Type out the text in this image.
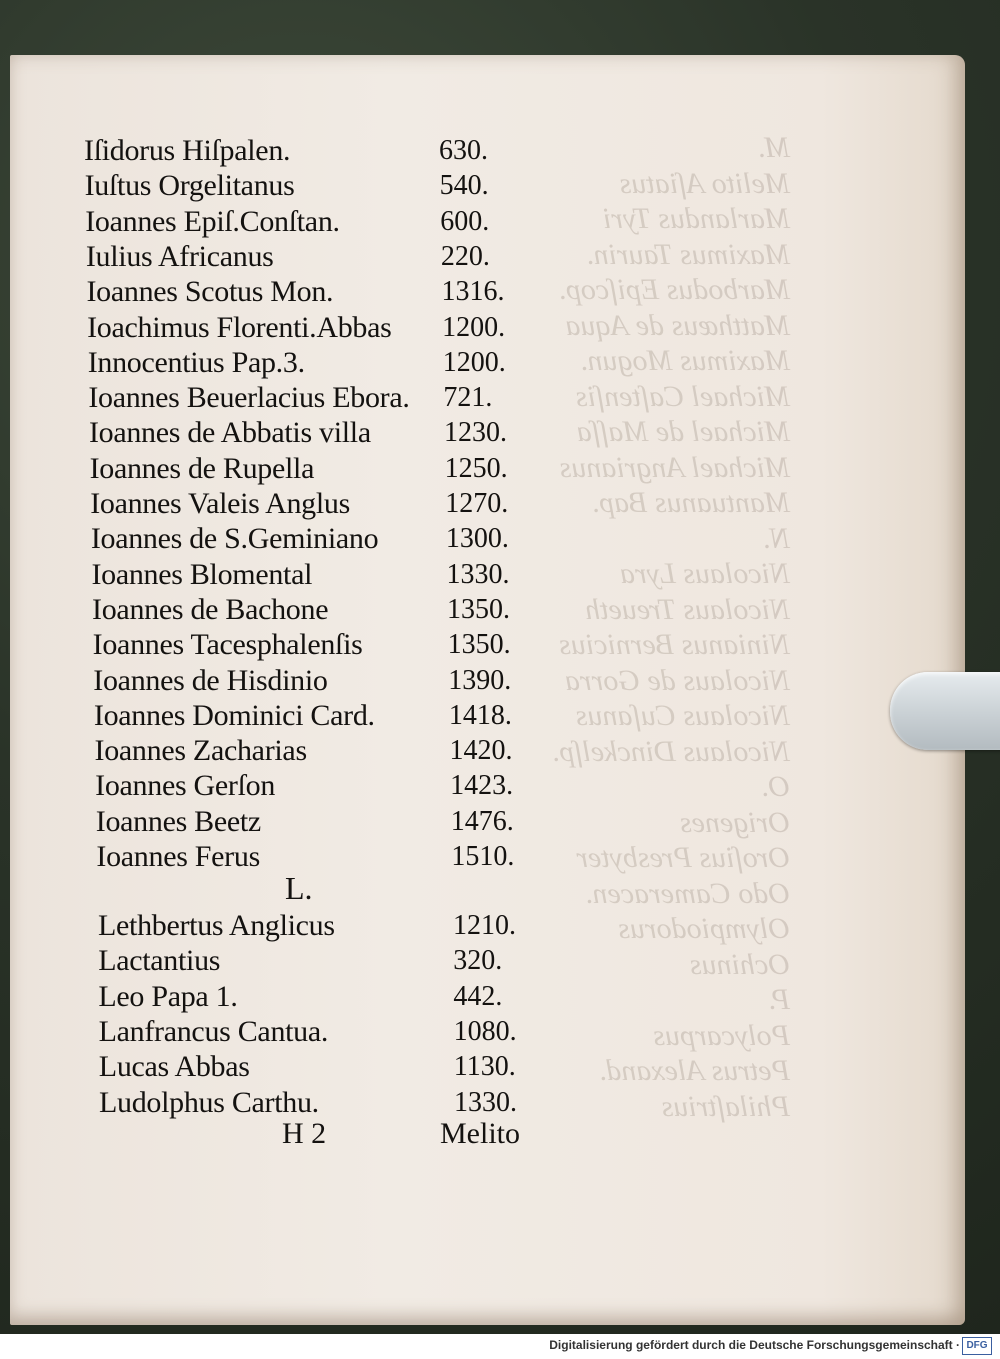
M.
Melito Aſiatus
Marlandus Tyri
Maximus Taurin.
Marbodus Epiſcop.
Matthæus de Aqua
Maximus Mogun.
Michael Caſtenſis
Michael de Maſſa
Michael Angrianus
Mantuanus Bap.
N.
Nicolaus Lyra
Nicolaus Treueth
Ninianus Bernicius
Nicolaus de Gorra
Nicolaus Cuſanus
Nicolaus Dinckelſp.
O.
Origenes
Oroſius Presbyter
Odo Cameracen.
Olympiodorus
Ochinus
P.
Polycarpus
Petrus Alexand.
Philaſtrius
Iſidorus Hiſpalen.	630.
Iuſtus Orgelitanus	540.
Ioannes Epiſ.Conſtan.	600.
Iulius Africanus	220.
Ioannes Scotus Mon.	1316.
Ioachimus Florenti.Abbas 1200.
Innocentius Pap.3.	1200.
Ioannes Beuerlacius Ebora. 721.
Ioannes de Abbatis villa	1230.
Ioannes de Rupella	1250.
Ioannes Valeis Anglus	1270.
Ioannes de S.Geminiano 1300.
Ioannes Blomental	1330.
Ioannes de Bachone	1350.
Ioannes Tacesphalenſis	1350.
Ioannes de Hisdinio	1390.
Ioannes Dominici Card.	1418.
Ioannes Zacharias	1420.
Ioannes Gerſon	1423.
Ioannes Beetz	1476.
Ioannes Ferus	1510.
L.
Lethbertus Anglicus	1210.
Lactantius	320.
Leo Papa 1.	442.
Lanfrancus Cantua.	1080.
Lucas Abbas	1130.
Ludolphus Carthu.	1330.
H 2	Melito
Digitalisierung gefördert durch die Deutsche Forschungsgemeinschaft · DFG
